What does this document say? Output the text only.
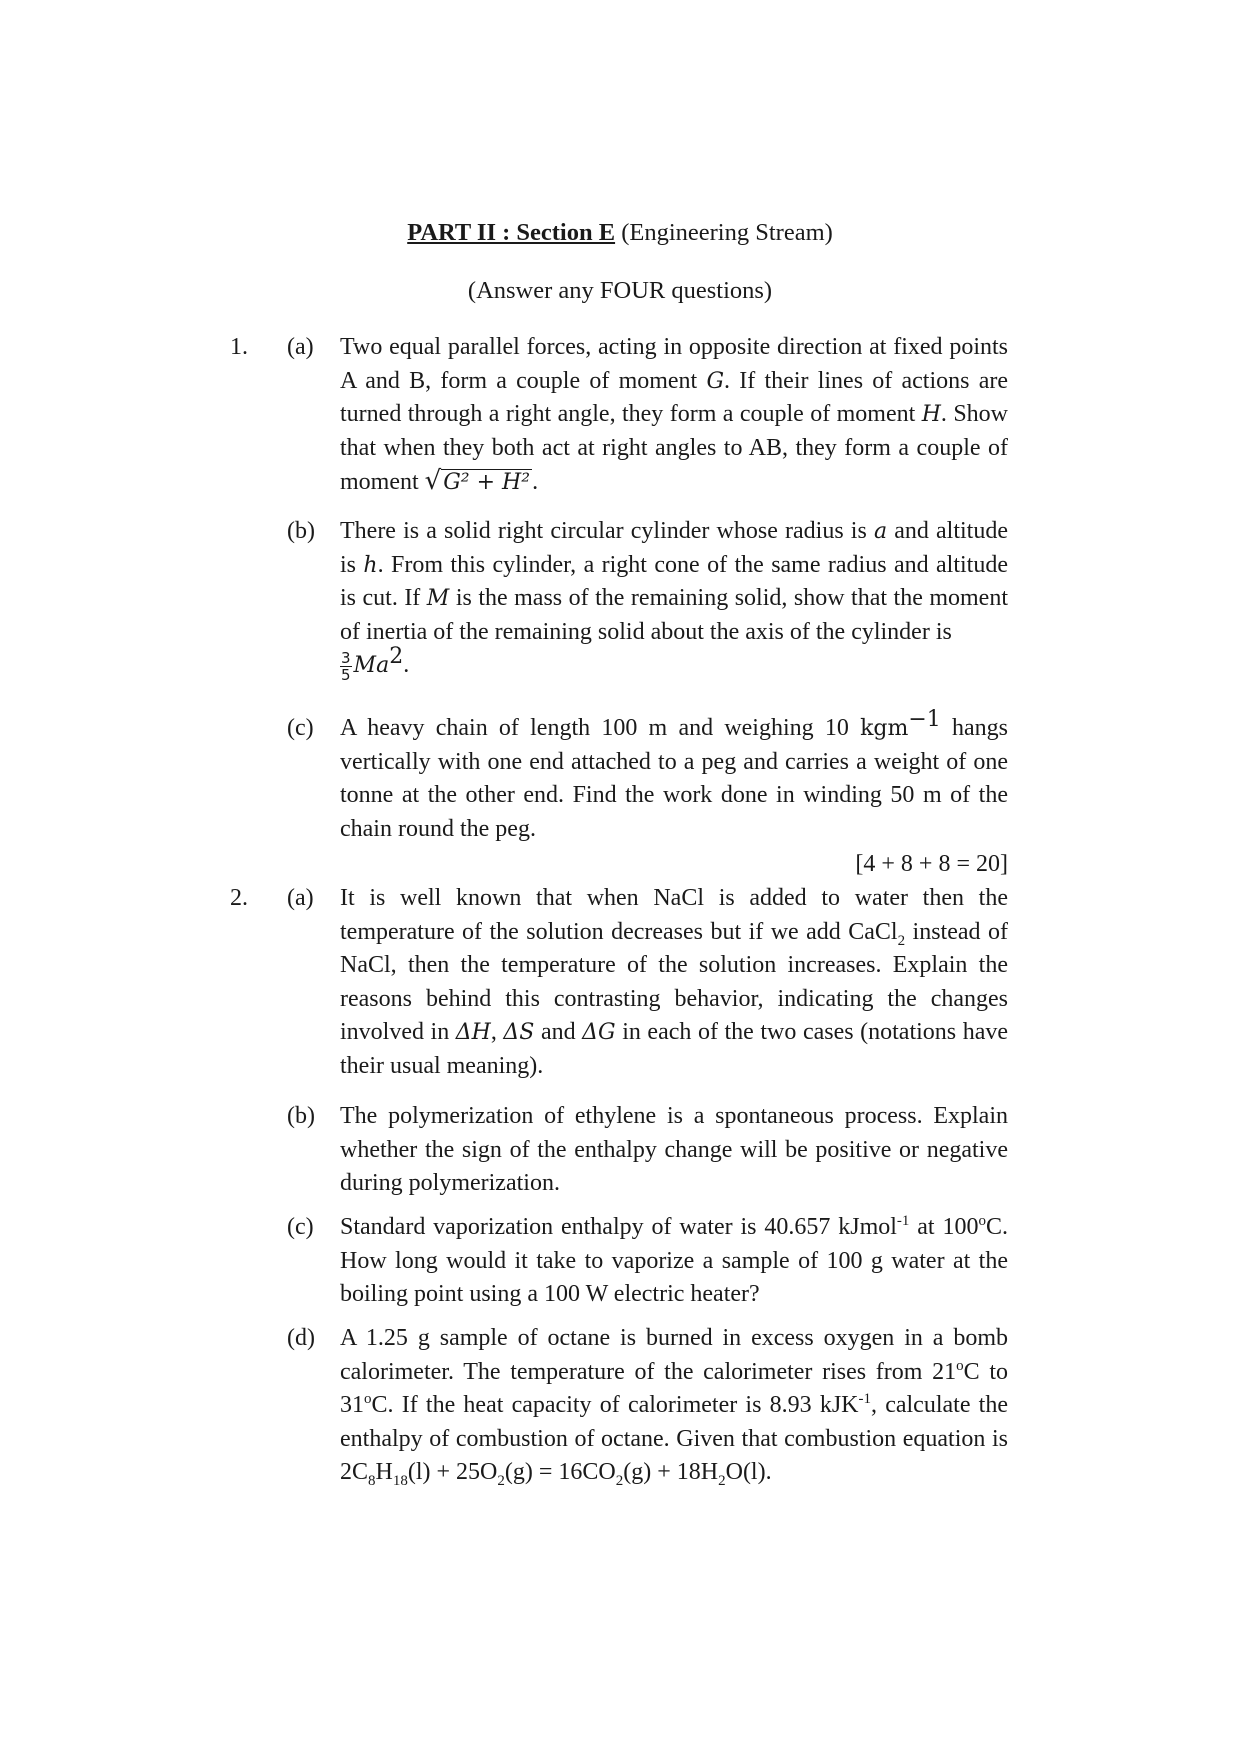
PART II : Section E (Engineering Stream)
(Answer any FOUR questions)
1.	(a)	Two equal parallel forces, acting in opposite direction at fixed points A and B, form a couple of moment G. If their lines of actions are turned through a right angle, they form a couple of moment H. Show that when they both act at right angles to AB, they form a couple of moment √G² + H².
(b)	There is a solid right circular cylinder whose radius is a and altitude is h. From this cylinder, a right cone of the same radius and altitude is cut. If M is the mass of the remaining solid, show that the moment of inertia of the remaining solid about the axis of the cylinder is

$\frac{3}{5} Ma^2$.
(c)	A heavy chain of length 100 m and weighing 10 kgm$^{-1}$ hangs vertically with one end attached to a peg and carries a weight of one tonne at the other end. Find the work done in winding 50 m of the chain round the peg.
[4 + 8 + 8 = 20]
2.	(a)	It is well known that when NaCl is added to water then the temperature of the solution decreases but if we add CaCl$_2$ instead of NaCl, then the temperature of the solution increases. Explain the reasons behind this contrasting behavior, indicating the changes involved in ΔH, ΔS and ΔG in each of the two cases (notations have their usual meaning).
(b)	The polymerization of ethylene is a spontaneous process. Explain whether the sign of the enthalpy change will be positive or negative during polymerization.
(c)	Standard vaporization enthalpy of water is 40.657 kJmol$^{-1}$ at 100$^o$C. How long would it take to vaporize a sample of 100 g water at the boiling point using a 100 W electric heater?
(d)	A 1.25 g sample of octane is burned in excess oxygen in a bomb calorimeter. The temperature of the calorimeter rises from 21$^o$C to 31$^o$C. If the heat capacity of calorimeter is 8.93 kJK$^{-1}$, calculate the enthalpy of combustion of octane. Given that combustion equation is $2C_8H_{18}(l) + 25O_2(g) = 16CO_2(g) + 18H_2O(l)$.
